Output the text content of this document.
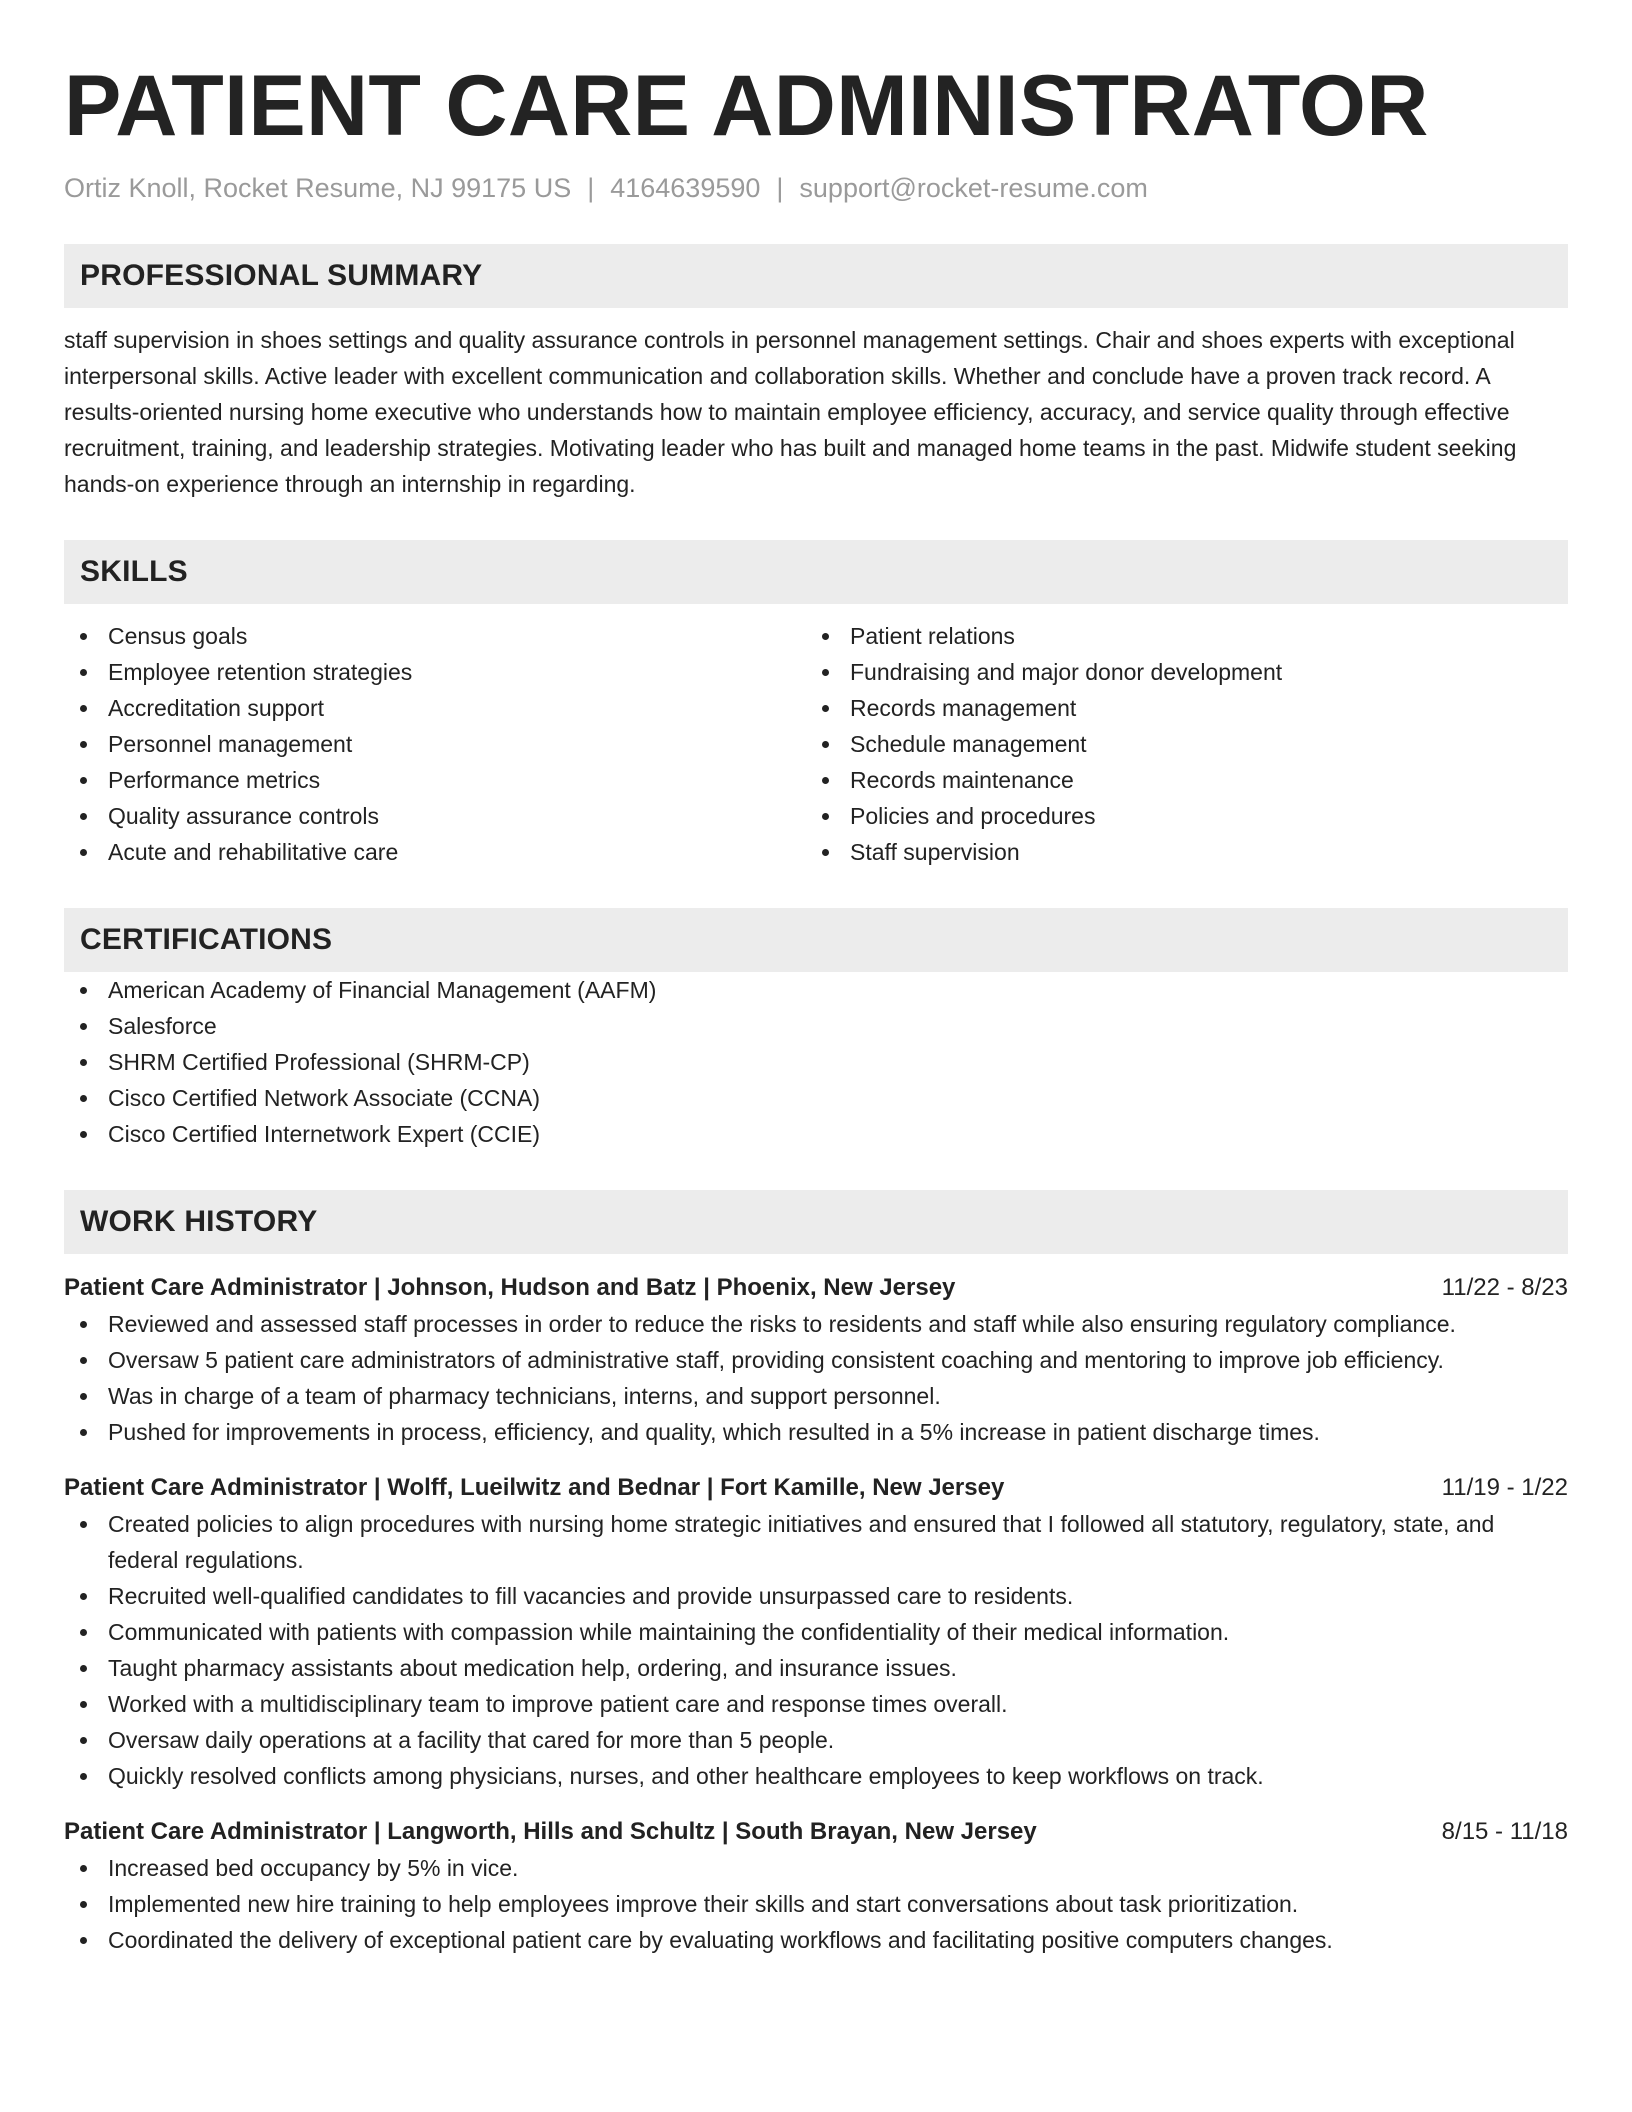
PATIENT CARE ADMINISTRATOR
Ortiz Knoll, Rocket Resume, NJ 99175 US | 4164639590 | support@rocket-resume.com
PROFESSIONAL SUMMARY
staff supervision in shoes settings and quality assurance controls in personnel management settings. Chair and shoes experts with exceptional interpersonal skills. Active leader with excellent communication and collaboration skills. Whether and conclude have a proven track record. A results-oriented nursing home executive who understands how to maintain employee efficiency, accuracy, and service quality through effective recruitment, training, and leadership strategies. Motivating leader who has built and managed home teams in the past. Midwife student seeking hands-on experience through an internship in regarding.
SKILLS
Census goals
Employee retention strategies
Accreditation support
Personnel management
Performance metrics
Quality assurance controls
Acute and rehabilitative care
Patient relations
Fundraising and major donor development
Records management
Schedule management
Records maintenance
Policies and procedures
Staff supervision
CERTIFICATIONS
American Academy of Financial Management (AAFM)
Salesforce
SHRM Certified Professional (SHRM-CP)
Cisco Certified Network Associate (CCNA)
Cisco Certified Internetwork Expert (CCIE)
WORK HISTORY
Patient Care Administrator | Johnson, Hudson and Batz | Phoenix, New Jersey	11/22 - 8/23
Reviewed and assessed staff processes in order to reduce the risks to residents and staff while also ensuring regulatory compliance.
Oversaw 5 patient care administrators of administrative staff, providing consistent coaching and mentoring to improve job efficiency.
Was in charge of a team of pharmacy technicians, interns, and support personnel.
Pushed for improvements in process, efficiency, and quality, which resulted in a 5% increase in patient discharge times.
Patient Care Administrator | Wolff, Lueilwitz and Bednar | Fort Kamille, New Jersey	11/19 - 1/22
Created policies to align procedures with nursing home strategic initiatives and ensured that I followed all statutory, regulatory, state, and federal regulations.
Recruited well-qualified candidates to fill vacancies and provide unsurpassed care to residents.
Communicated with patients with compassion while maintaining the confidentiality of their medical information.
Taught pharmacy assistants about medication help, ordering, and insurance issues.
Worked with a multidisciplinary team to improve patient care and response times overall.
Oversaw daily operations at a facility that cared for more than 5 people.
Quickly resolved conflicts among physicians, nurses, and other healthcare employees to keep workflows on track.
Patient Care Administrator | Langworth, Hills and Schultz | South Brayan, New Jersey	8/15 - 11/18
Increased bed occupancy by 5% in vice.
Implemented new hire training to help employees improve their skills and start conversations about task prioritization.
Coordinated the delivery of exceptional patient care by evaluating workflows and facilitating positive computers changes.
